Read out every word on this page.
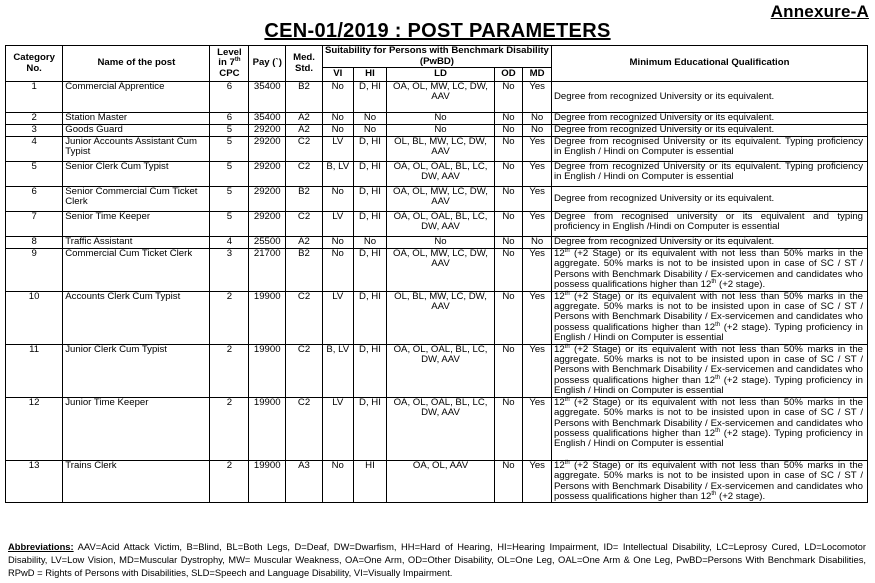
Annexure-A
CEN-01/2019 : POST PARAMETERS
Category No.	Name of the post	Level in 7th CPC	Pay (`)	Med. Std.	Suitability for Persons with Benchmark Disability (PwBD)					Minimum Educational Qualification
					VI	HI	LD	OD	MD	
1	Commercial Apprentice	6	35400	B2	No	D, HI	OA, OL, MW, LC, DW, AAV	No	Yes	Degree from recognized University or its equivalent.
2	Station Master	6	35400	A2	No	No	No	No	No	Degree from recognized University or its equivalent.
3	Goods Guard	5	29200	A2	No	No	No	No	No	Degree from recognized University or its equivalent.
4	Junior Accounts Assistant Cum Typist	5	29200	C2	LV	D, HI	OL, BL, MW, LC, DW, AAV	No	Yes	Degree from recognised University or its equivalent. Typing proficiency in English / Hindi on Computer is essential
5	Senior Clerk Cum Typist	5	29200	C2	B, LV	D, HI	OA, OL, OAL, BL, LC, DW, AAV	No	Yes	Degree from recognized University or its equivalent. Typing proficiency in English / Hindi on Computer is essential
6	Senior Commercial Cum Ticket Clerk	5	29200	B2	No	D, HI	OA, OL, MW, LC, DW, AAV	No	Yes	Degree from recognized University or its equivalent.
7	Senior Time Keeper	5	29200	C2	LV	D, HI	OA, OL, OAL, BL, LC, DW, AAV	No	Yes	Degree from recognised university or its equivalent and typing proficiency in English /Hindi on Computer is essential
8	Traffic Assistant	4	25500	A2	No	No	No	No	No	Degree from recognized University or its equivalent.
9	Commercial Cum Ticket Clerk	3	21700	B2	No	D, HI	OA, OL, MW, LC, DW, AAV	No	Yes	12th (+2 Stage) or its equivalent with not less than 50% marks in the aggregate. 50% marks is not to be insisted upon in case of SC / ST / Persons with Benchmark Disability / Ex-servicemen and candidates who possess qualifications higher than 12th (+2 stage).
10	Accounts Clerk Cum Typist	2	19900	C2	LV	D, HI	OL, BL, MW, LC, DW, AAV	No	Yes	12th (+2 Stage) or its equivalent with not less than 50% marks in the aggregate. 50% marks is not to be insisted upon in case of SC / ST / Persons with Benchmark Disability / Ex-servicemen and candidates who possess qualifications higher than 12th (+2 stage). Typing proficiency in English / Hindi on Computer is essential
11	Junior Clerk Cum Typist	2	19900	C2	B, LV	D, HI	OA, OL, OAL, BL, LC, DW, AAV	No	Yes	12th (+2 Stage) or its equivalent with not less than 50% marks in the aggregate. 50% marks is not to be insisted upon in case of SC / ST / Persons with Benchmark Disability / Ex-servicemen and candidates who possess qualifications higher than 12th (+2 stage). Typing proficiency in English / Hindi on Computer is essential
12	Junior Time Keeper	2	19900	C2	LV	D, HI	OA, OL, OAL, BL, LC, DW, AAV	No	Yes	12th (+2 Stage) or its equivalent with not less than 50% marks in the aggregate. 50% marks is not to be insisted upon in case of SC / ST / Persons with Benchmark Disability / Ex-servicemen and candidates who possess qualifications higher than 12th (+2 stage). Typing proficiency in English / Hindi on Computer is essential
13	Trains Clerk	2	19900	A3	No	HI	OA, OL, AAV	No	Yes	12th (+2 Stage) or its equivalent with not less than 50% marks in the aggregate. 50% marks is not to be insisted upon in case of SC / ST / Persons with Benchmark Disability / Ex-servicemen and candidates who possess qualifications higher than 12th (+2 stage).
Abbreviations: AAV=Acid Attack Victim, B=Blind, BL=Both Legs, D=Deaf, DW=Dwarfism, HH=Hard of Hearing, HI=Hearing Impairment, ID= Intellectual Disability, LC=Leprosy Cured, LD=Locomotor Disability, LV=Low Vision, MD=Muscular Dystrophy, MW= Muscular Weakness, OA=One Arm, OD=Other Disability, OL=One Leg, OAL=One Arm & One Leg, PwBD=Persons With Benchmark Disabilities, RPwD = Rights of Persons with Disabilities, SLD=Speech and Language Disability, VI=Visually Impairment.
